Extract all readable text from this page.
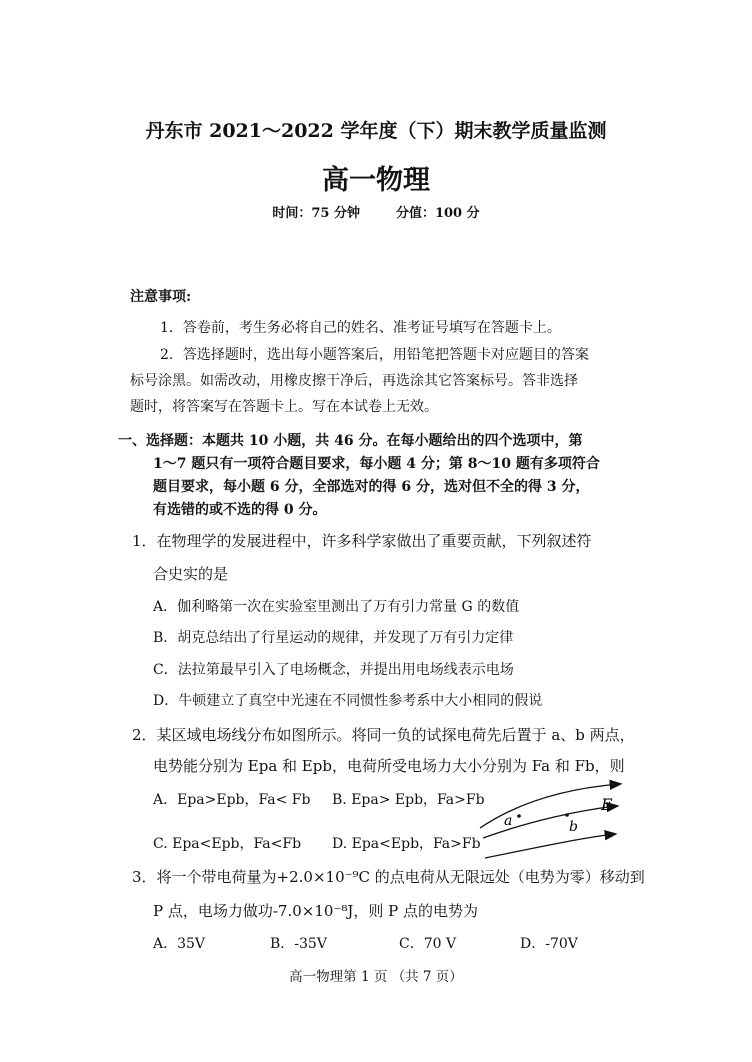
丹东市 2021～2022 学年度（下）期末教学质量监测
高一物理
时间：75 分钟	分值：100 分
注意事项:
1．答卷前，考生务必将自己的姓名、准考证号填写在答题卡上。
2．答选择题时，选出每小题答案后，用铅笔把答题卡对应题目的答案
标号涂黑。如需改动，用橡皮擦干净后，再选涂其它答案标号。答非选择
题时，将答案写在答题卡上。写在本试卷上无效。
一、选择题：本题共 10 小题，共 46 分。在每小题给出的四个选项中，第
1～7 题只有一项符合题目要求，每小题 4 分；第 8～10 题有多项符合
题目要求，每小题 6 分，全部选对的得 6 分，选对但不全的得 3 分，
有选错的或不选的得 0 分。
1．在物理学的发展进程中，许多科学家做出了重要贡献，下列叙述符
合史实的是
A．伽利略第一次在实验室里测出了万有引力常量 G 的数值
B．胡克总结出了行星运动的规律，并发现了万有引力定律
C．法拉第最早引入了电场概念，并提出用电场线表示电场
D．牛顿建立了真空中光速在不同惯性参考系中大小相同的假说
2．某区域电场线分布如图所示。将同一负的试探电荷先后置于 a、b 两点，
电势能分别为 Epa 和 Epb，电荷所受电场力大小分别为 Fa 和 Fb，则
A．Epa>Epb，Fa< Fb B. Epa> Epb，Fa>Fb
C. Epa<Epb，Fa<Fb D. Epa<Epb，Fa>Fb
a	b
E
3．将一个带电荷量为+2.0×10⁻⁹C 的点电荷从无限远处（电势为零）移动到
P 点，电场力做功-7.0×10⁻⁸J，则 P 点的电势为
A．35V	B．-35V	C．70 V	D．-70V
高一物理第 1 页 （共 7 页）
